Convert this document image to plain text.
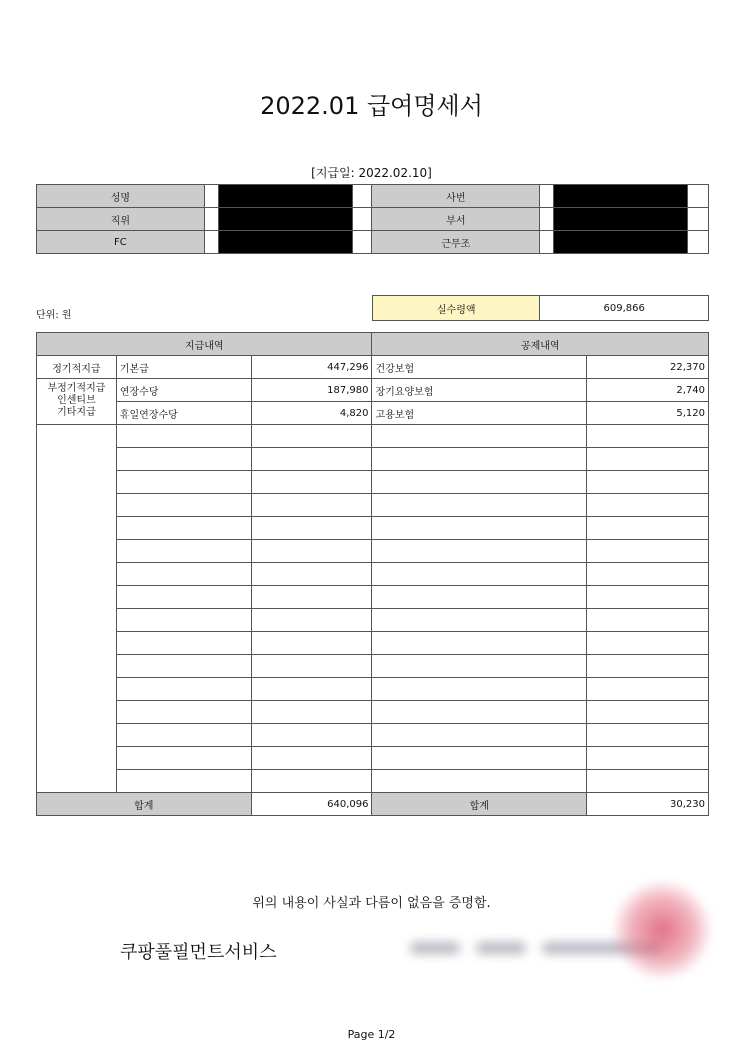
2022.01 급여명세서
[지급일: 2022.02.10]
성명				사번			
직위				부서			
FC				근무조			
단위: 원	실수령액	609,866
지급내역			공제내역	
정기적지급	기본급	447,296	건강보험	22,370
부정기적지급
인센티브
기타지급	연장수당	187,980	장기요양보험	2,740
	휴일연장수당	4,820	고용보험	5,120

합계		640,096	합계	30,230
위의 내용이 사실과 다름이 없음을 증명함.
쿠팡풀필먼트서비스
Page 1/2
